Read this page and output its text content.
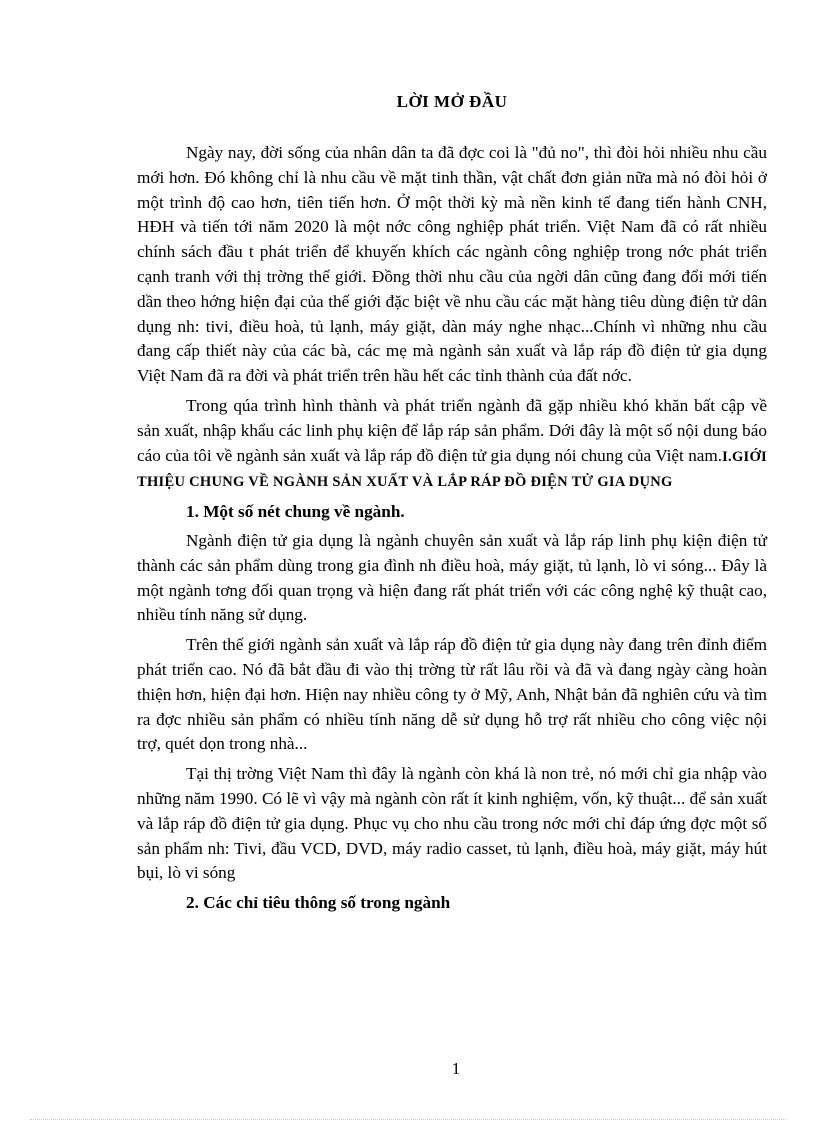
LỜI MỞ ĐẦU

Ngày nay, đời sống của nhân dân ta đã đợc coi là "đủ no", thì đòi hỏi nhiều nhu cầu mới hơn. Đó không chỉ là nhu cầu về mặt tinh thần, vật chất đơn giản nữa mà nó đòi hỏi ở một trình độ cao hơn, tiên tiến hơn. Ở một thời kỳ mà nền kinh tế đang tiến hành CNH, HĐH và tiến tới năm 2020 là một nớc công nghiệp phát triển. Việt Nam đã có rất nhiều chính sách đầu t phát triển để khuyến khích các ngành công nghiệp trong nớc phát triển cạnh tranh với thị trờng thế giới. Đồng thời nhu cầu của ngời dân cũng đang đổi mới tiến dần theo hớng hiện đại của thế giới đặc biệt về nhu cầu các mặt hàng tiêu dùng điện tử dân dụng nh: tivi, điều hoà, tủ lạnh, máy giặt, dàn máy nghe nhạc...Chính vì những nhu cầu đang cấp thiết này của các bà, các mẹ mà ngành sản xuất và lắp ráp đồ điện tử gia dụng Việt Nam đã ra đời và phát triển trên hầu hết các tỉnh thành của đất nớc.

Trong qúa trình hình thành và phát triển ngành đã gặp nhiều khó khăn bất cập về sản xuất, nhập khẩu các linh phụ kiện để lắp ráp sản phẩm. Dới đây là một số nội dung báo cáo của tôi về ngành sản xuất và lắp ráp đồ điện tử gia dụng nói chung của Việt nam.I.GIỚI THIỆU CHUNG VỀ NGÀNH SẢN XUẤT VÀ LẮP RÁP ĐỒ ĐIỆN TỬ GIA DỤNG

1. Một số nét chung về ngành.

Ngành điện tử gia dụng là ngành chuyên sản xuất và lắp ráp linh phụ kiện điện tử thành các sản phẩm dùng trong gia đình nh điều hoà, máy giặt, tủ lạnh, lò vi sóng... Đây là một ngành tơng đối quan trọng và hiện đang rất phát triển với các công nghệ kỹ thuật cao, nhiều tính năng sử dụng.

Trên thế giới ngành sản xuất và lắp ráp đồ điện tử gia dụng này đang trên đỉnh điểm phát triển cao. Nó đã bắt đầu đi vào thị trờng từ rất lâu rồi và đã và đang ngày càng hoàn thiện hơn, hiện đại hơn. Hiện nay nhiều công ty ở Mỹ, Anh, Nhật bản đã nghiên cứu và tìm ra đợc nhiều sản phẩm có nhiều tính năng dễ sử dụng hỗ trợ rất nhiều cho công việc nội trợ, quét dọn trong nhà...

Tại thị trờng Việt Nam thì đây là ngành còn khá là non trẻ, nó mới chỉ gia nhập vào những năm 1990. Có lẽ vì vậy mà ngành còn rất ít kinh nghiệm, vốn, kỹ thuật... để sản xuất và lắp ráp đồ điện tử gia dụng. Phục vụ cho nhu cầu trong nớc mới chỉ đáp ứng đợc một số sản phẩm nh: Tivi, đầu VCD, DVD, máy radio casset, tủ lạnh, điều hoà, máy giặt, máy hút bụi, lò vi sóng

2. Các chỉ tiêu thông số trong ngành
1
